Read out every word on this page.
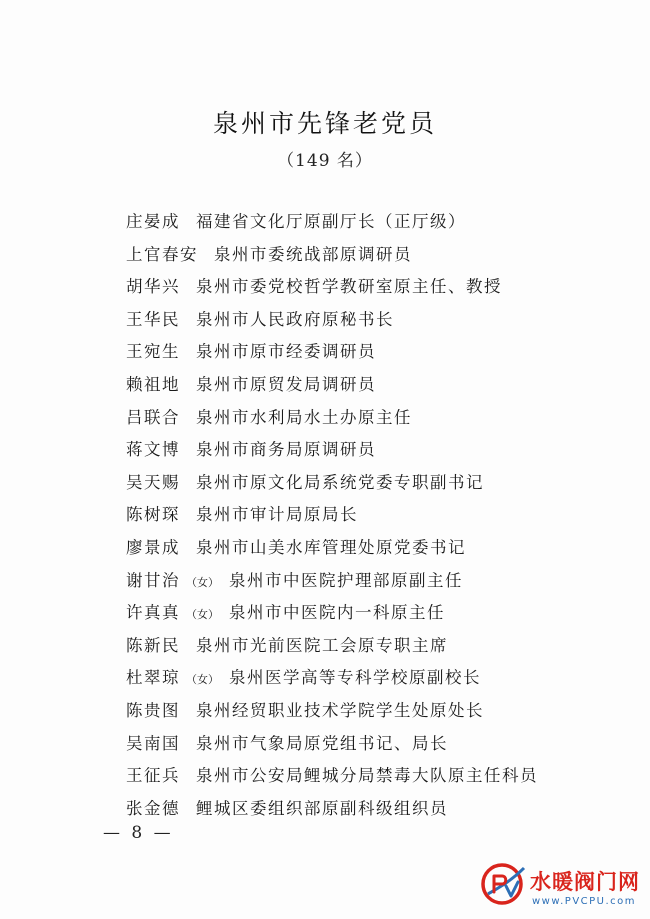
泉州市先锋老党员
（149 名）
庄晏成 福建省文化厅原副厅长（正厅级）
上官春安 泉州市委统战部原调研员
胡华兴 泉州市委党校哲学教研室原主任、教授
王华民 泉州市人民政府原秘书长
王宛生 泉州市原市经委调研员
赖祖地 泉州市原贸发局调研员
吕联合 泉州市水利局水土办原主任
蒋文博 泉州市商务局原调研员
吴天赐 泉州市原文化局系统党委专职副书记
陈树琛 泉州市审计局原局长
廖景成 泉州市山美水库管理处原党委书记
谢甘治 （女） 泉州市中医院护理部原副主任
许真真 （女） 泉州市中医院内一科原主任
陈新民 泉州市光前医院工会原专职主席
杜翠琼 （女） 泉州医学高等专科学校原副校长
陈贵图 泉州经贸职业技术学院学生处原处长
吴南国 泉州市气象局原党组书记、局长
王征兵 泉州市公安局鲤城分局禁毒大队原主任科员
张金德 鲤城区委组织部原副科级组织员
— 8 —
水暖阀门网
www.PVCPU.com
